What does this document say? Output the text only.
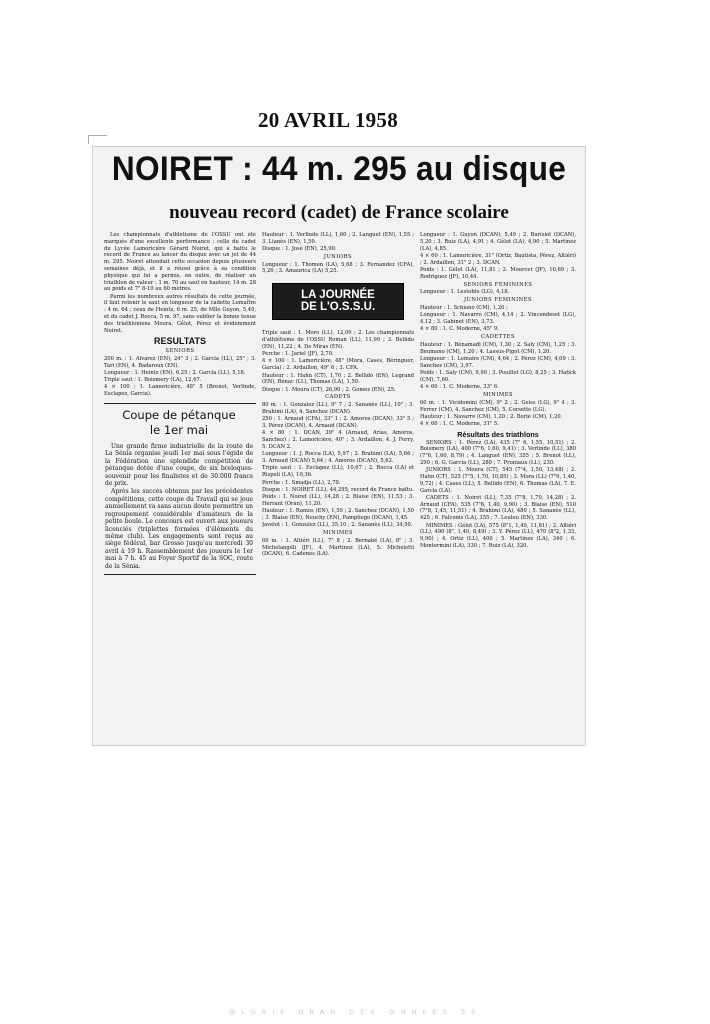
20 AVRIL 1958
NOIRET : 44 m. 295 au disque
nouveau record (cadet) de France scolaire

Les championnats d'athlétisme de l'OSSU ont été marqués d'une excellente performance : celle du cadet du Lycée Lamoricière Gérard Noiret, qui a battu le record de France au lancer du disque avec un jet de 44 m. 295. Noiret attendait cette occasion depuis plusieurs semaines déjà, et il a réussi grâce à sa condition physique qui lui a permis, en outre, de réaliser un triathlon de valeur : 1 m. 70 au saut en hauteur, 14 m. 28 au poids et 7" 8-10 au 60 mètres.

Parmi les nombreux autres résultats de cette journée, il faut retenir le saut en longueur de la cadette Lemaître : 4 m. 64 ; ceux de Heintz, 6 m. 25, de Mlle Guyon, 5,49, et du cadet J. Rocca, 5 m. 97, sans oublier la bonne tenue des triathloniens Moura, Gélot, Pérez et évidemment Noiret.

RESULTATS
SENIORS

200 m. : 1. Alvarez (EN), 24" 3 ; 2. Garcia (LL), 25" ; 3. Tari (EN), 4. Badaroux (EN).

Longueur : 1. Heintz (EN), 6,25 ; 2. Garcia (LL), 5,18.

Triple saut : 1. Boismery (LA), 12,67.

4 × 100 : 1. Lamoricière, 48" 5 (Brenot, Verlinde, Esclapez, Garcia).

Coupe de pétanque
le 1er mai

Une grande firme industrielle de la route de La Sénia organise jeudi 1er mai sous l'égide de la Fédération une splendide compétition de pétanque dotée d'une coupe, de six breloques-souvenir pour les finalistes et de 30.000 francs de prix.

Après les succès obtenus par les précédentes compétitions, cette coupe du Travail qui se joue annuellement va sans aucun doute permettre un regroupement considérable d'amateurs de la petite boule. Le concours est ouvert aux joueurs licenciés (triplettes formées d'éléments du même club). Les engagements sont reçus au siège fédéral, bar Grosso jusqu'au mercredi 30 avril à 19 h. Rassemblement des joueurs le 1er mai à 7 h. 45 au Foyer Sportif de la SOC, route de la Sénia.

Hauteur : 1. Verlinde (LL), 1,60 ; 2. Languet (EN), 1,55 ; 3. Lianès (EN), 1,50.

Disque : 1. José (EN), 25,90.

JUNIORS

Longueur : 1. Thomen (LA), 5,68 ; 3. Fernandez (CFA), 5,26 ; 3. Amaurica (LA) 5,25.

LA JOURNÉE
DE L'O.S.S.U.

Triple saut : 1. Moro (LL), 12,09 ; 2. Les championnats d'athlétisme de l'OSSU Roman (LL), 11,99 ; 3. Bellido (EN), 11,22 ; 4. De Miras (EN).

Perche : 1. Jariel (JF), 2,70.

4 × 100 : 1. Lamoricière, 48" (Mora, Cases, Béringuer, Garcia) ; 2. Ardaillon, 49" 6 ; 3. CFA.

Hauteur : 1. Hahn (CT), 1,70 ; 2. Bellido (EN), Legrand (EN), Bénac (LL), Thomas (LA), 1,50.

Disque : 1. Moura (CT), 26,90 ; 2. Gomez (EN), 25.

CADETS

80 m. : 1. Gonzalez (LL), 9" 7 ; 2. Sananès (LL), 10" ; 3. Brahimi (LA), 4. Sanchez (DCAN).

250 : 1. Arnaud (CFA), 33" 1 ; 2. Amoros (DCAN), 33" 5 ; 3. Pérez (DCAN), 4. Arnaud (DCAN).

4 × 80 : 1. DCAN, 39" 4 (Arnaud, Arias, Amoros, Sanchez) ; 2. Lamoricière, 40" ; 3. Ardaillon, 4. J. Ferry, 5. DCAN 2.

Longueur : 1. J. Rocca (LA), 5,97 ; 2. Brahimi (LA), 5,66 ; 3. Arnaud (DCAN) 5,64 ; 4. Amoros (DCAN), 5,62.

Triple saut : 1. Esclapez (LL), 10,67 ; 2. Rocca (LA) et Rispoli (LA), 10,36.

Perche : 1. Smadja (LL), 2,70.

Disque : 1. NOIRET (LL), 44,295, record de France battu.

Poids : 1. Noiret (LL), 14,28 ; 2. Blaise (EN), 11,53 ; 3. Herrant (Oran), 11,20.

Hauteur : 1. Ramos (EN), 1,50 ; 2. Sanchez (DCAN), 1,50 ; 3. Blaise (EN), Neuchy (EN), Pampliego (DCAN), 1,45.

Javelot : 1. Gonzalez (LL), 35,10 ; 2. Sananès (LL), 34,50.

MINIMES

60 m. : 1. Altiéri (LL), 7" 8 ; 2. Bernabé (LA), 8" ; 3. Michelangéli (JF), 4. Martinez (LA), 5. Micheletti (DCAN), 6. Cadenes (LA).

Longueur : 1. Guyon (DCAN), 5,49 ; 2. Barisiot (DCAN), 5,20 ; 3. Ruiz (LA), 4,91 ; 4. Gélot (LA), 4,90 ; 5. Martinez (LA), 4,85.

4 × 60 : 1. Lamoricière, 31" (Ortiz, Bautista, Pérez, Altiéri) ; 2. Ardaillon, 31" 2 ; 3. DCAN.

Poids : 1. Gélot (LA), 11,81 ; 2. Mourcet (JF), 10,69 ; 3. Rodriguez (JF), 10,44.

SENIORS FEMININES

Longueur : 1. Lestoble (LG), 4,18.

JUNIORS FEMININES

Hauteur : 1. Schiano (CM), 1,20 ;

Longueur : 1. Navarro (CM), 4,14 ; 2. Vincendeset (LG), 4,12 ; 3. Gabinet (EN), 3,73.

4 × 80 : 1. C. Moderne, 45" 9.

CADETTES

Hauteur : 1. Bénamadi (CM), 1,30 ; 2. Saly (CM), 1,25 ; 3. Beumano (CM), 1,20 ; 4. Lassus-Pigot (CM), 1,20.

Longueur : 1. Lemaire (CM), 4,64 ; 2. Pérez (CM), 4,09 ; 3. Sanchez (CM), 3,97.

Poids : 1. Saly (CM), 9,90 ; 3. Pouillet (LG), 8,25 ; 3. Hatick (CM), 7,60.

4 × 60 : 1. C. Moderne, 33" 6.

MINIMES

60 m. : 1. Vicidomini (CM), 9" 2 ; 2. Geiss (LG), 9" 4 ; 3. Ferrer (CM), 4. Sanchez (CM), 5. Corsette (LG).

Hauteur : 1. Navarre (CM), 1,20 ; 2. Borie (CM), 1,20.

4 × 60 : 1. C. Moderne, 31" 5.

Résultats des triathlons

SENIORS : 1. Pérez (LA), 435 (7" 6, 1,55, 10,51) ; 2. Boismery (LA), 400 (7"6, 1,60, 9,41) ; 3. Verlinde (LL), 380 (7"6, 1,60, 8,79) ; 4. Languet (EN), 355 ; 5. Brenot (LL), 290 ; 6. G. Garcia (LL), 280 ; 7. Pruniaux (LL), 230.

JUNIORS : 1. Moura (CT), 545 (7"4, 1,50, 13,48) ; 2. Hahn (CT), 525 (7"5, 1,70, 10,85) ; 3. Mora (LL) (7"9, 1,40, 9,72) ; 4. Cases (LL), 5. Bellido (EN), 6. Thomas (LA), 7. E. Garcia (LA).

CADETS : 1. Noiret (LL), 7,35 (7"8, 1,70, 14,28) ; 2. Arnaud (CFA), 535 (7"6, 1,40, 9,90) ; 3. Blaise (EN), 510 (7"8, 1,45, 11,51) ; 4. Brahimi (LA), 480 ; 5. Sananès (LL), 425 ; 6. Falconis (LA), 355 ; 7. Louleu (EN), 330.

MINIMES : Gélot (LA), 575 (8"1, 1,40, 11,81) ; 2. Altiéri (LL), 490 (8", 1,40, 8,49) ; 3. Y. Pérez (LL), 470 (8"2, 1,33, 9,90) ; 4. Ortiz (LL), 400 ; 5. Martinez (LA), 340 ; 6. Montermini (LA), 330 ; 7. Ruiz (LA), 320.

@LGRIE ORAN DES @NNEES 50
